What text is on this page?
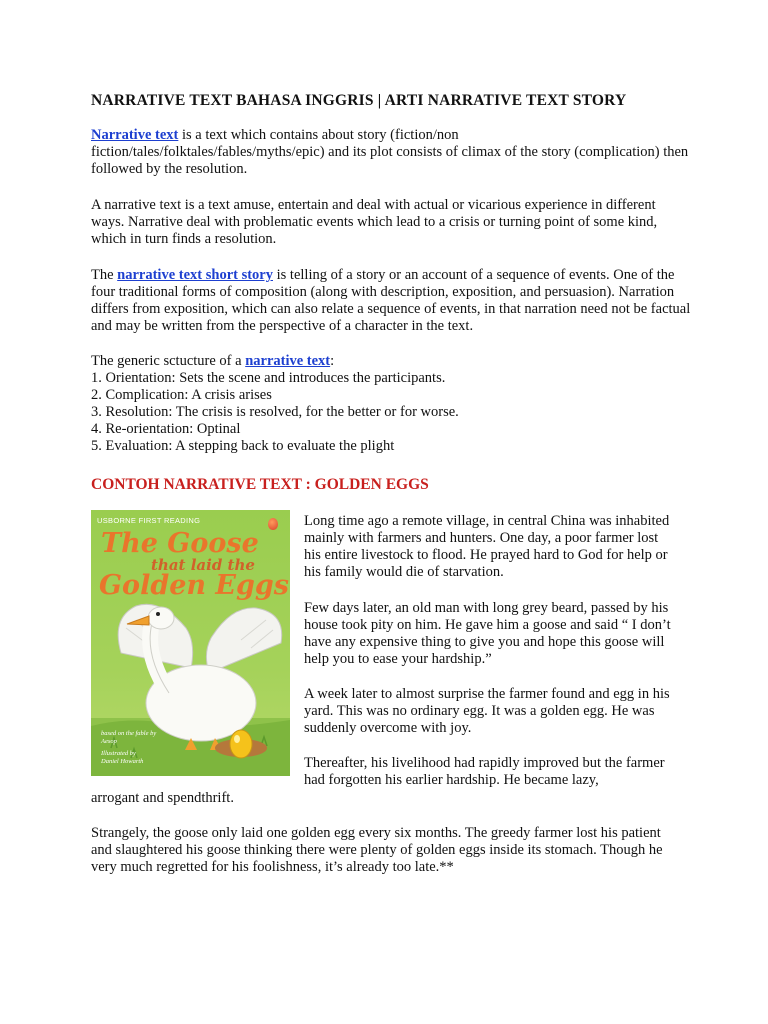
NARRATIVE TEXT BAHASA INGGRIS | ARTI NARRATIVE TEXT STORY

Narrative text is a text which contains about story (fiction/non fiction/tales/folktales/fables/myths/epic) and its plot consists of climax of the story (complication) then followed by the resolution.

A narrative text is a text amuse, entertain and deal with actual or vicarious experience in different ways. Narrative deal with problematic events which lead to a crisis or turning point of some kind, which in turn finds a resolution.

The narrative text short story is telling of a story or an account of a sequence of events. One of the four traditional forms of composition (along with description, exposition, and persuasion). Narration differs from exposition, which can also relate a sequence of events, in that narration need not be factual and may be written from the perspective of a character in the text.

The generic sctucture of a narrative text:
1. Orientation: Sets the scene and introduces the participants.
2. Complication: A crisis arises
3. Resolution: The crisis is resolved, for the better or for worse.
4. Re-orientation: Optinal
5. Evaluation: A stepping back to evaluate the plight
CONTOH NARRATIVE TEXT : GOLDEN EGGS
USBORNE FIRST READING
The Goose
that laid the
Golden Eggs
based on the fable by
Aesop
Illustrated by
Daniel Howarth

Long time ago a remote village, in central China was inhabited mainly with farmers and hunters. One day, a poor farmer lost his entire livestock to flood. He prayed hard to God for help or his family would die of starvation.

Few days later, an old man with long grey beard, passed by his house took pity on him. He gave him a goose and said “ I don’t have any expensive thing to give you and hope this goose will help you to ease your hardship.”

A week later to almost surprise the farmer found and egg in his yard. This was no ordinary egg. It was a golden egg. He was suddenly overcome with joy.

Thereafter, his livelihood had rapidly improved but the farmer had forgotten his earlier hardship. He became lazy,

arrogant and spendthrift.

Strangely, the goose only laid one golden egg every six months. The greedy farmer lost his patient and slaughtered his goose thinking there were plenty of golden eggs inside its stomach. Though he very much regretted for his foolishness, it’s already too late.**
